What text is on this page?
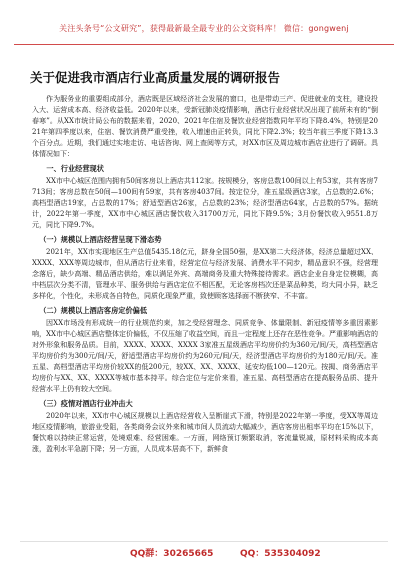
关注头条号“公文研究”，获得最新最全最专业的公文资料库！ 微信：gongwenj
关于促进我市酒店行业高质量发展的调研报告

作为服务业的重要组成部分，酒店既是区域经济社会发展的窗口，也是带动三产、促进就业的支柱，建设投入大、运营成本高、经济收益低。2020年以来，受新冠肺炎疫情影响，酒店行业经营状况出现了前所未有的“倒春寒”。从XX市统计局公布的数据来看，2020、2021年住宿及餐饮业经营指数同年平均下降8.4%，特别是2021年第四季度以来，住宿、餐饮消费严重受挫，收入增速由正转负，同比下降2.3%；较当年前三季度下降13.3个百分点。近期，我们通过实地走访、电话咨询、网上查阅等方式，对XX市区及周边城市酒店业进行了调研。具体情况如下：

一、行业经营现状

XX市中心城区范围内拥有50间客房以上酒店共112家。按规模分，客房总数100间以上有53家，共有客房7713间；客房总数在50间—100间有59家，共有客房4037间。按定位分，准五星级酒店3家，占总数的2.6%；高档型酒店19家，占总数的17%；舒适型酒店26家，占总数的23%；经济型酒店64家，占总数的57%。据统计，2022年第一季度，XX市中心城区酒店餐饮收入31700万元，同比下降9.5%；3月份餐饮收入9551.8万元，同比下降9.7%。

（一）规模以上酒店经营呈现下滑态势

2021年，XX市实现地区生产总值5435.18亿元，跻身全国50强，是XX第二大经济体，经济总量超过XX、XXXX、XXX等周边城市，但从酒店行业来看，经营定位与经济发展、消费水平不同步，精品意识不强，经营理念落后，缺少高端、精品酒店供给，难以满足外宾、高端商务及重大特殊接待需求。酒店企业自身定位模糊，高中档层次分类不清，管理水平、服务供给与酒店定位不相匹配，无论客房档次还是菜品种类，均大同小异，缺乏多样化，个性化，未形成各自特色，同质化现象严重，致使顾客选择面不断狭窄、不丰富。

（二）规模以上酒店客房定价偏低

因XX市场没有形成统一的行业规范约束，加之受经营理念、同质竞争、体量限制、新冠疫情等多重因素影响，XX市中心城区酒店整体定价偏低，不仅压缩了收益空间，而且一定程度上还存在恶性竞争。严重影响酒店的对外形象和服务品质。目前，XXXX、XXXX、XXXX 3家准五星级酒店平均房价约为360元/间/天，高档型酒店平均房价约为300元/间/天，舒适型酒店平均房价约为260元/间/天，经济型酒店平均房价约为180元/间/天。准五星、高档型酒店平均房价较XX的低200元，较XX、XX、XXXX、延安均低100—120元。按揭、商务酒店平均房价与XX、XX、XXXX等城市基本持平。综合定位与定价来看，准五星、高档型酒店在提高服务品质、提升经营水平上仍有较大空间。

（三）疫情对酒店行业冲击大

2020年以来，XX市中心城区规模以上酒店经营收入呈断崖式下滑，特别是2022年第一季度，受XX等周边地区疫情影响，旅游业受阻，各类商务会议外来和城市间人员流动大幅减少，酒店客房出租率平均在15%以下，餐饮难以持续正常运营，处境艰难、经营困难。一方面，网络预订频繁取消，客流量锐减，原材料采购成本高涨，盈利水平急剧下降；另一方面，人员成本居高不下，新鲜食

QQ群：30265665	QQ：535304092
